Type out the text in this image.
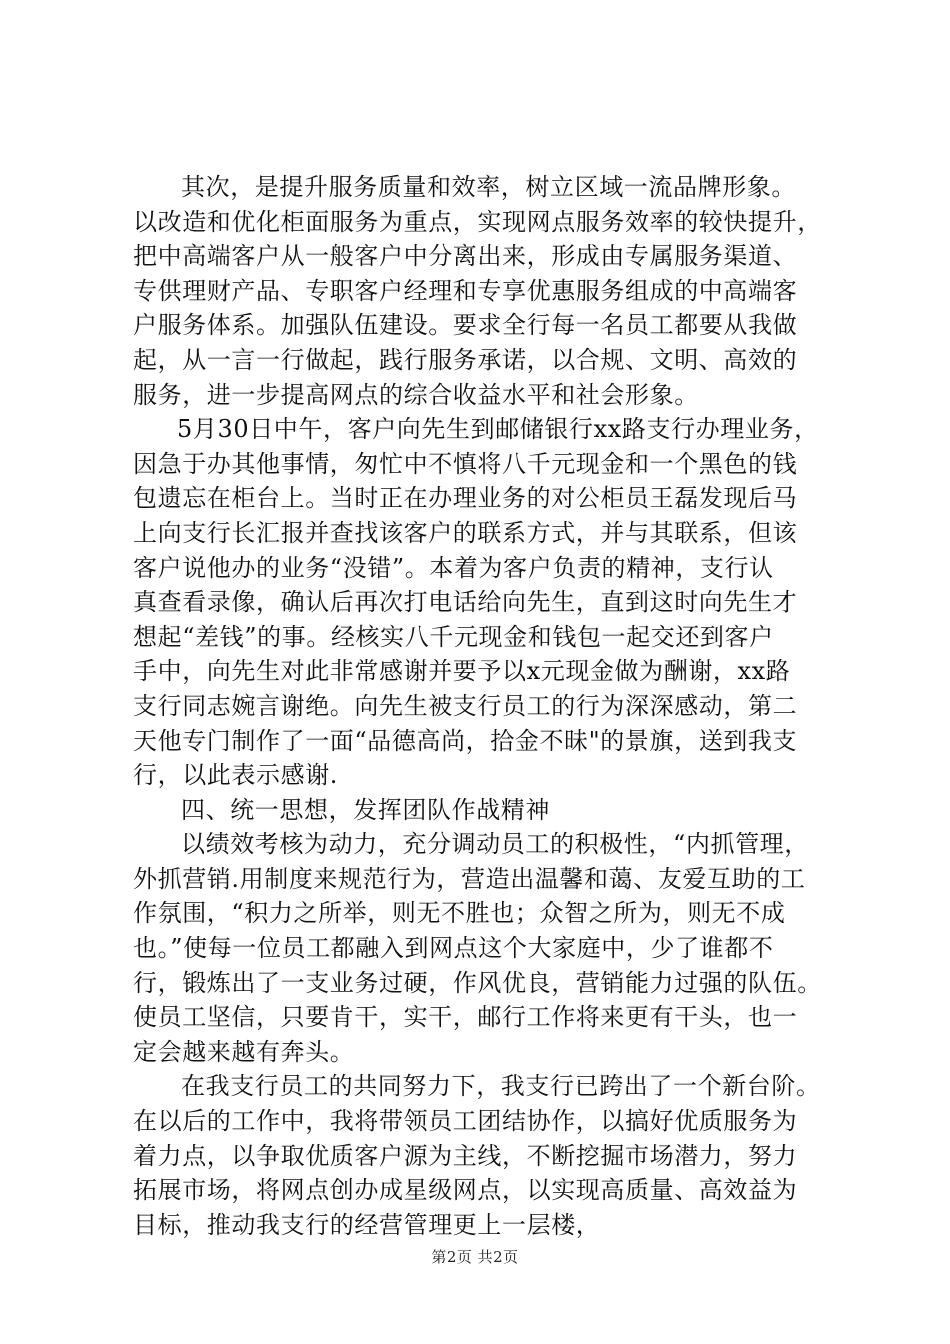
其次，是提升服务质量和效率，树立区域一流品牌形象。
以改造和优化柜面服务为重点，实现网点服务效率的较快提升，
把中高端客户从一般客户中分离出来，形成由专属服务渠道、
专供理财产品、专职客户经理和专享优惠服务组成的中高端客
户服务体系。加强队伍建设。要求全行每一名员工都要从我做
起，从一言一行做起，践行服务承诺，以合规、文明、高效的
服务，进一步提高网点的综合收益水平和社会形象。
5月30日中午，客户向先生到邮储银行xx路支行办理业务，
因急于办其他事情，匆忙中不慎将八千元现金和一个黑色的钱
包遗忘在柜台上。当时正在办理业务的对公柜员王磊发现后马
上向支行长汇报并查找该客户的联系方式，并与其联系，但该
客户说他办的业务“没错”。本着为客户负责的精神，支行认
真查看录像，确认后再次打电话给向先生，直到这时向先生才
想起“差钱”的事。经核实八千元现金和钱包一起交还到客户
手中，向先生对此非常感谢并要予以x元现金做为酬谢，xx路
支行同志婉言谢绝。向先生被支行员工的行为深深感动，第二
天他专门制作了一面“品德高尚，拾金不昧"的景旗，送到我支
行，以此表示感谢.
四、统一思想，发挥团队作战精神
以绩效考核为动力，充分调动员工的积极性，“内抓管理，
外抓营销.用制度来规范行为，营造出温馨和蔼、友爱互助的工
作氛围，“积力之所举，则无不胜也；众智之所为，则无不成
也。”使每一位员工都融入到网点这个大家庭中，少了谁都不
行，锻炼出了一支业务过硬，作风优良，营销能力过强的队伍。
使员工坚信，只要肯干，实干，邮行工作将来更有干头，也一
定会越来越有奔头。
在我支行员工的共同努力下，我支行已跨出了一个新台阶。
在以后的工作中，我将带领员工团结协作，以搞好优质服务为
着力点，以争取优质客户源为主线，不断挖掘市场潜力，努力
拓展市场，将网点创办成星级网点，以实现高质量、高效益为
目标，推动我支行的经营管理更上一层楼，
第2页 共2页
